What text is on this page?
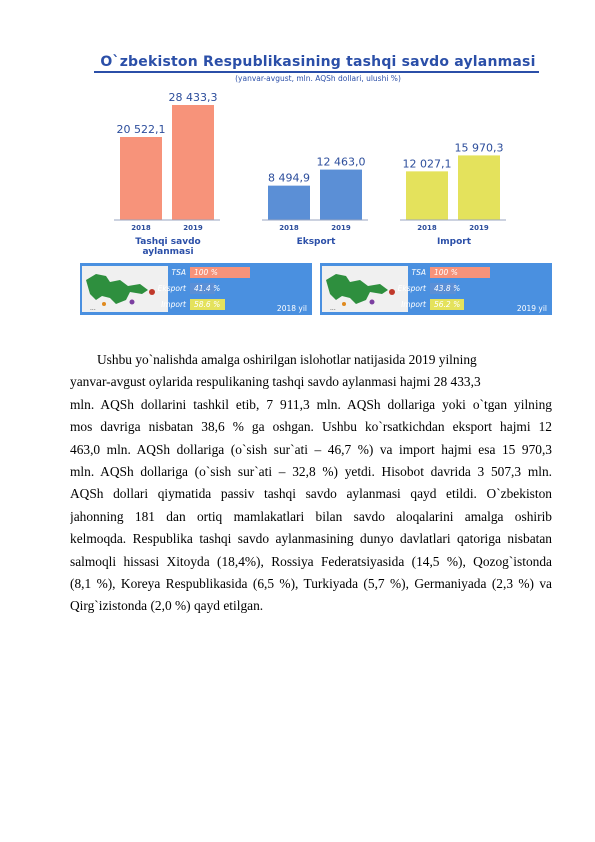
O`zbekiston Respublikasining tashqi savdo aylanmasi
(yanvar-avgust, mln. AQSh dollari, ulushi %)
20 522,1
2018
28 433,3
2019
8 494,9
2018
12 463,0
2019
12 027,1
2018
15 970,3
2019
Tashqi savdo aylanmasi
Eksport	Import
...	2018 yil
TSA 100 %
Eksport 41.4 %
Import 58.6 %	...	2019 yil
TSA 100 %
Eksport 43.8 %
Import 56.2 %
Ushbu yo`nalishda amalga oshirilgan islohotlar natijasida 2019 yilning
yanvar-avgust oylarida respulikaning tashqi savdo aylanmasi hajmi 28 433,3
mln. AQSh dollarini tashkil etib, 7 911,3 mln. AQSh dollariga yoki o`tgan yilning
mos davriga nisbatan 38,6 % ga oshgan. Ushbu ko`rsatkichdan eksport hajmi 12
463,0 mln. AQSh dollariga (o`sish sur`ati – 46,7 %) va import hajmi esa 15 970,3
mln. AQSh dollariga (o`sish sur`ati – 32,8 %) yetdi. Hisobot davrida 3 507,3 mln.
AQSh dollari qiymatida passiv tashqi savdo aylanmasi qayd etildi. O`zbekiston
jahonning 181 dan ortiq mamlakatlari bilan savdo aloqalarini amalga oshirib
kelmoqda. Respublika tashqi savdo aylanmasining dunyo davlatlari qatoriga nisbatan
salmoqli hissasi Xitoyda (18,4%), Rossiya Federatsiyasida (14,5 %), Qozog`istonda
(8,1 %), Koreya Respublikasida (6,5 %), Turkiyada (5,7 %), Germaniyada (2,3 %) va
Qirg`izistonda (2,0 %) qayd etilgan.
